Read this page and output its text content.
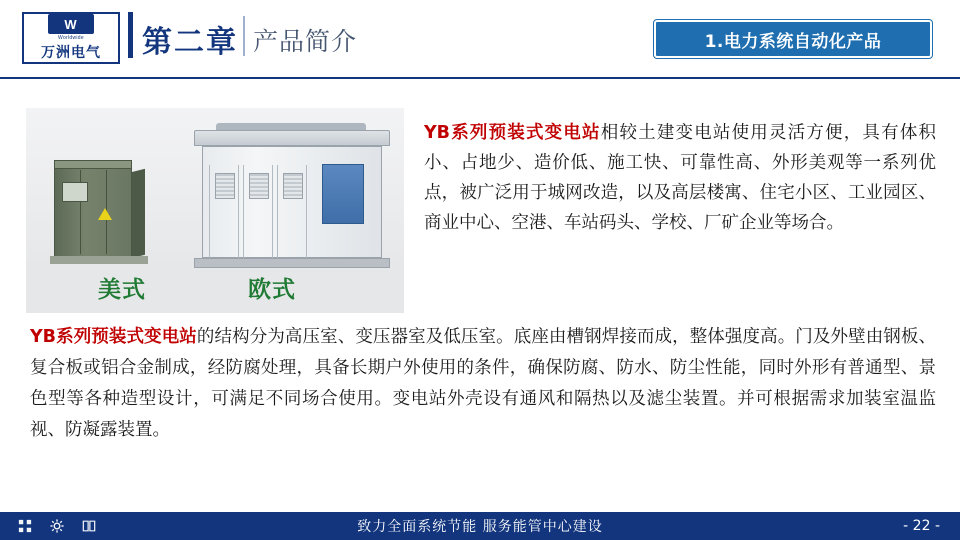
W
Worldwide
万洲电气 第二章 产品简介	1.电力系统自动化产品
美式	欧式
YB系列预装式变电站相较土建变电站使用灵活方便，具有体积小、占地少、造价低、施工快、可靠性高、外形美观等一系列优点，被广泛用于城网改造，以及高层楼寓、住宅小区、工业园区、商业中心、空港、车站码头、学校、厂矿企业等场合。
YB系列预装式变电站的结构分为高压室、变压器室及低压室。底座由槽钢焊接而成，整体强度高。门及外壁由钢板、复合板或铝合金制成，经防腐处理，具备长期户外使用的条件，确保防腐、防水、防尘性能，同时外形有普通型、景色型等各种造型设计，可满足不同场合使用。变电站外壳设有通风和隔热以及滤尘装置。并可根据需求加装室温监视、防凝露装置。
致力全面系统节能 服务能管中心建设	- 22 -
